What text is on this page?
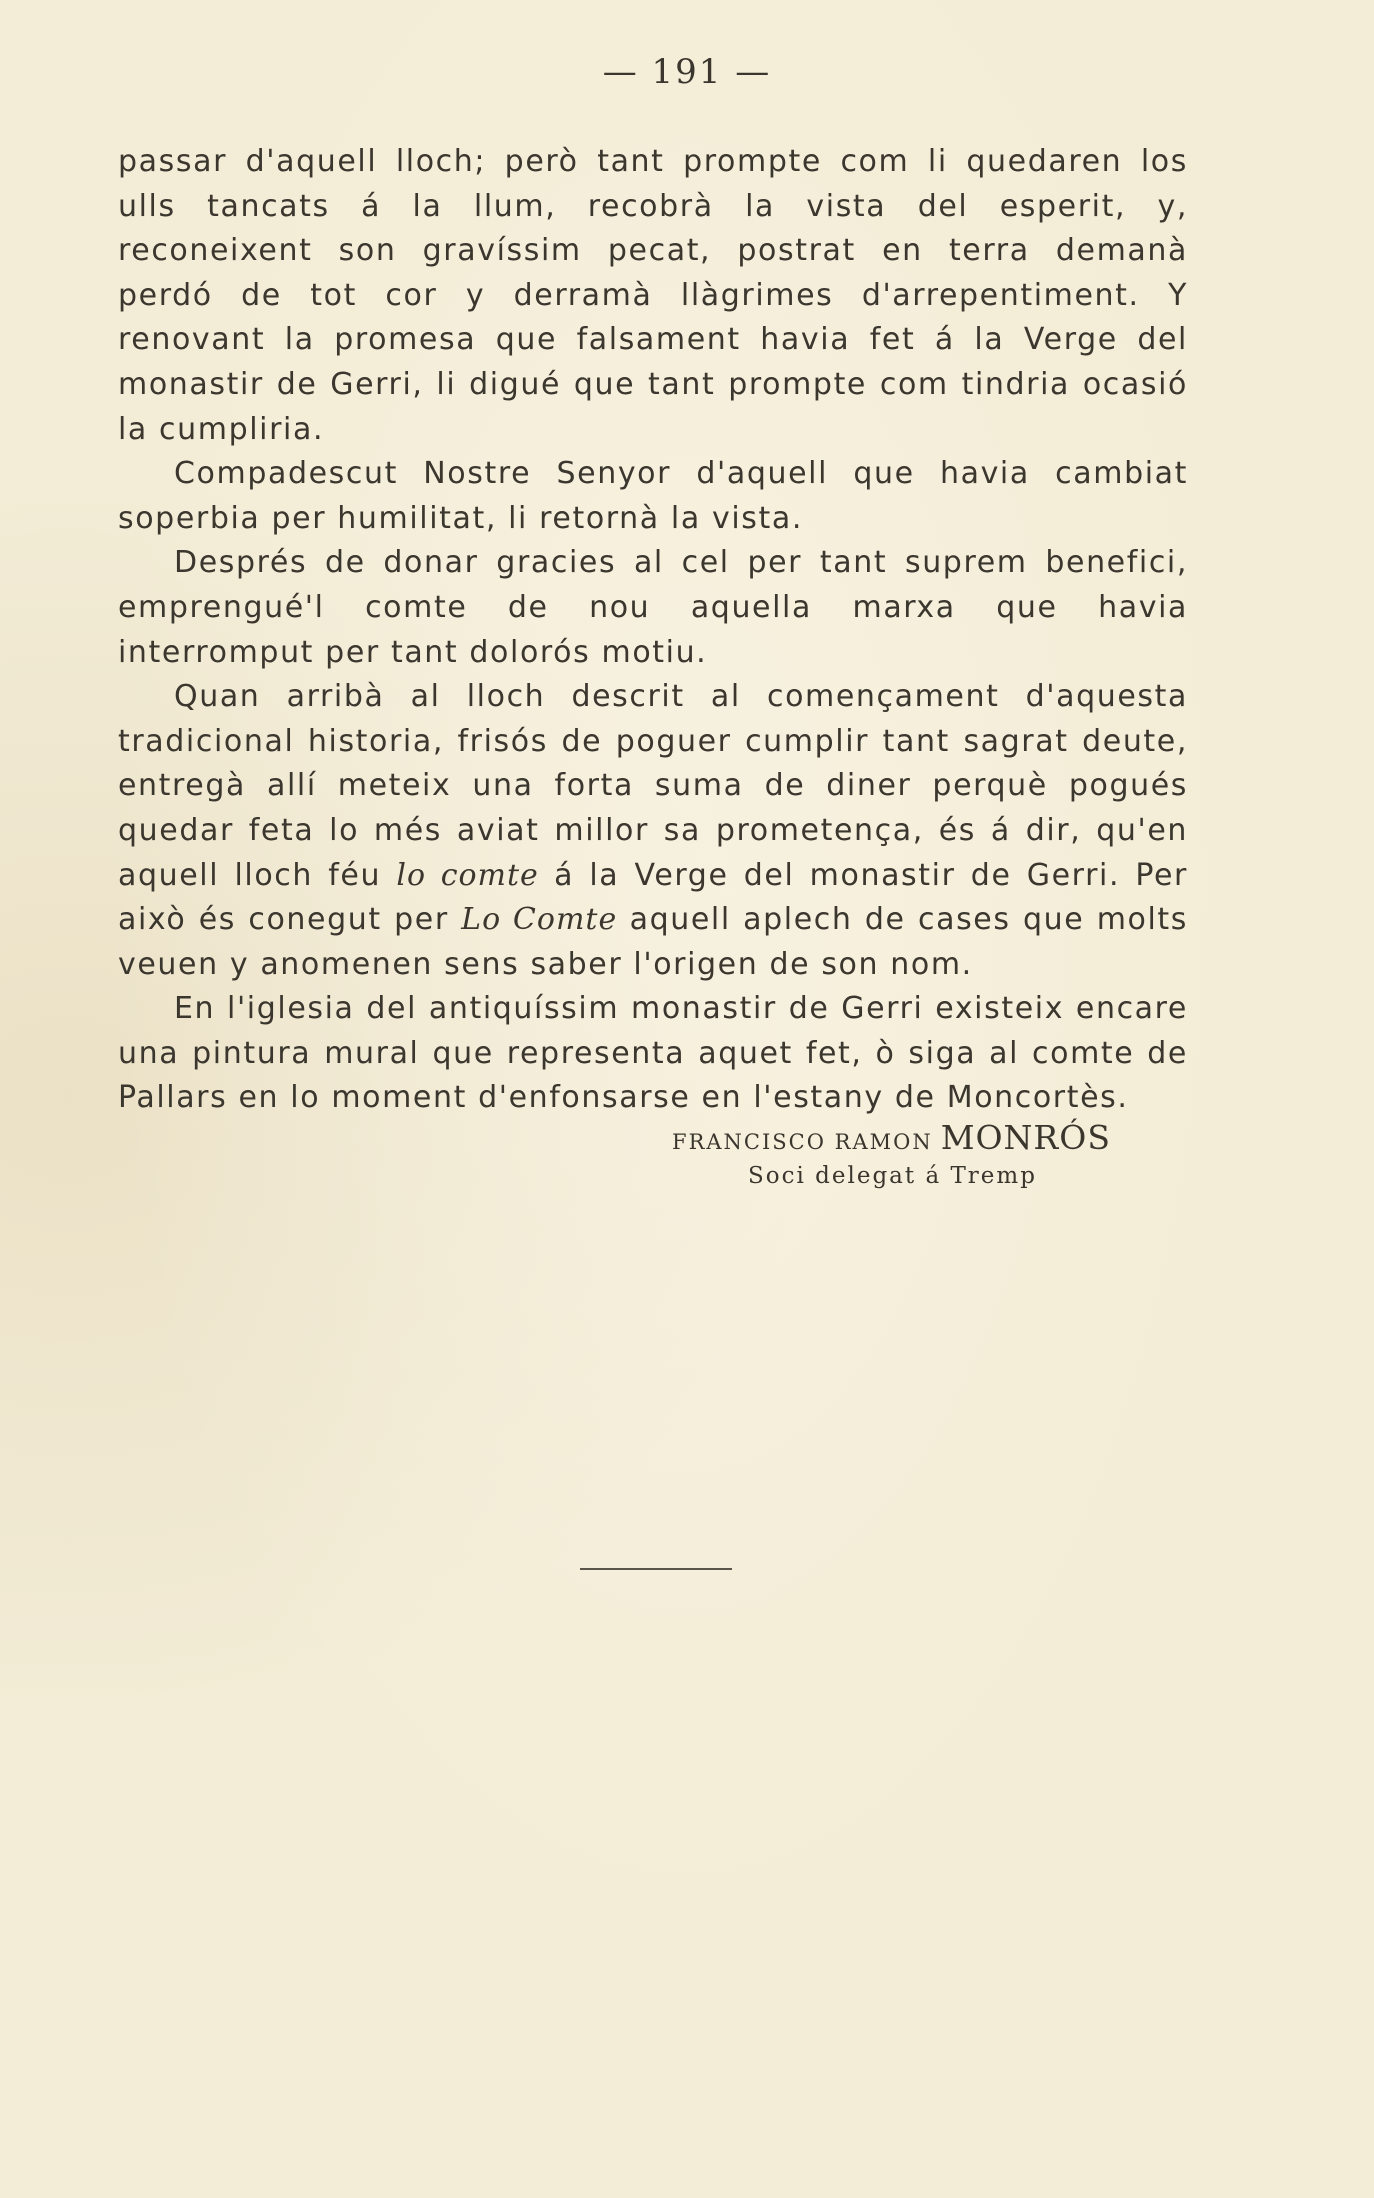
— 191 —

passar d'aquell lloch; però tant prompte com li quedaren los ulls tancats á la llum, recobrà la vista del esperit, y, reconeixent son gravíssim pecat, postrat en terra demanà perdó de tot cor y derramà llàgrimes d'arrepentiment. Y renovant la promesa que falsament havia fet á la Verge del monastir de Gerri, li digué que tant prompte com tindria ocasió la cumpliria.

Compadescut Nostre Senyor d'aquell que havia cambiat soperbia per humilitat, li retornà la vista.

Després de donar gracies al cel per tant suprem benefici, emprengué'l comte de nou aquella marxa que havia interromput per tant dolorós motiu.

Quan arribà al lloch descrit al començament d'aquesta tradicional historia, frisós de poguer cumplir tant sagrat deute, entregà allí meteix una forta suma de diner perquè pogués quedar feta lo més aviat millor sa prometença, és á dir, qu'en aquell lloch féu lo comte á la Verge del monastir de Gerri. Per això és conegut per Lo Comte aquell aplech de cases que molts veuen y anomenen sens saber l'origen de son nom.

En l'iglesia del antiquíssim monastir de Gerri existeix encare una pintura mural que representa aquet fet, ò siga al comte de Pallars en lo moment d'enfonsarse en l'estany de Moncortès.

FRANCISCO RAMON MONRÓS
Soci delegat á Tremp
